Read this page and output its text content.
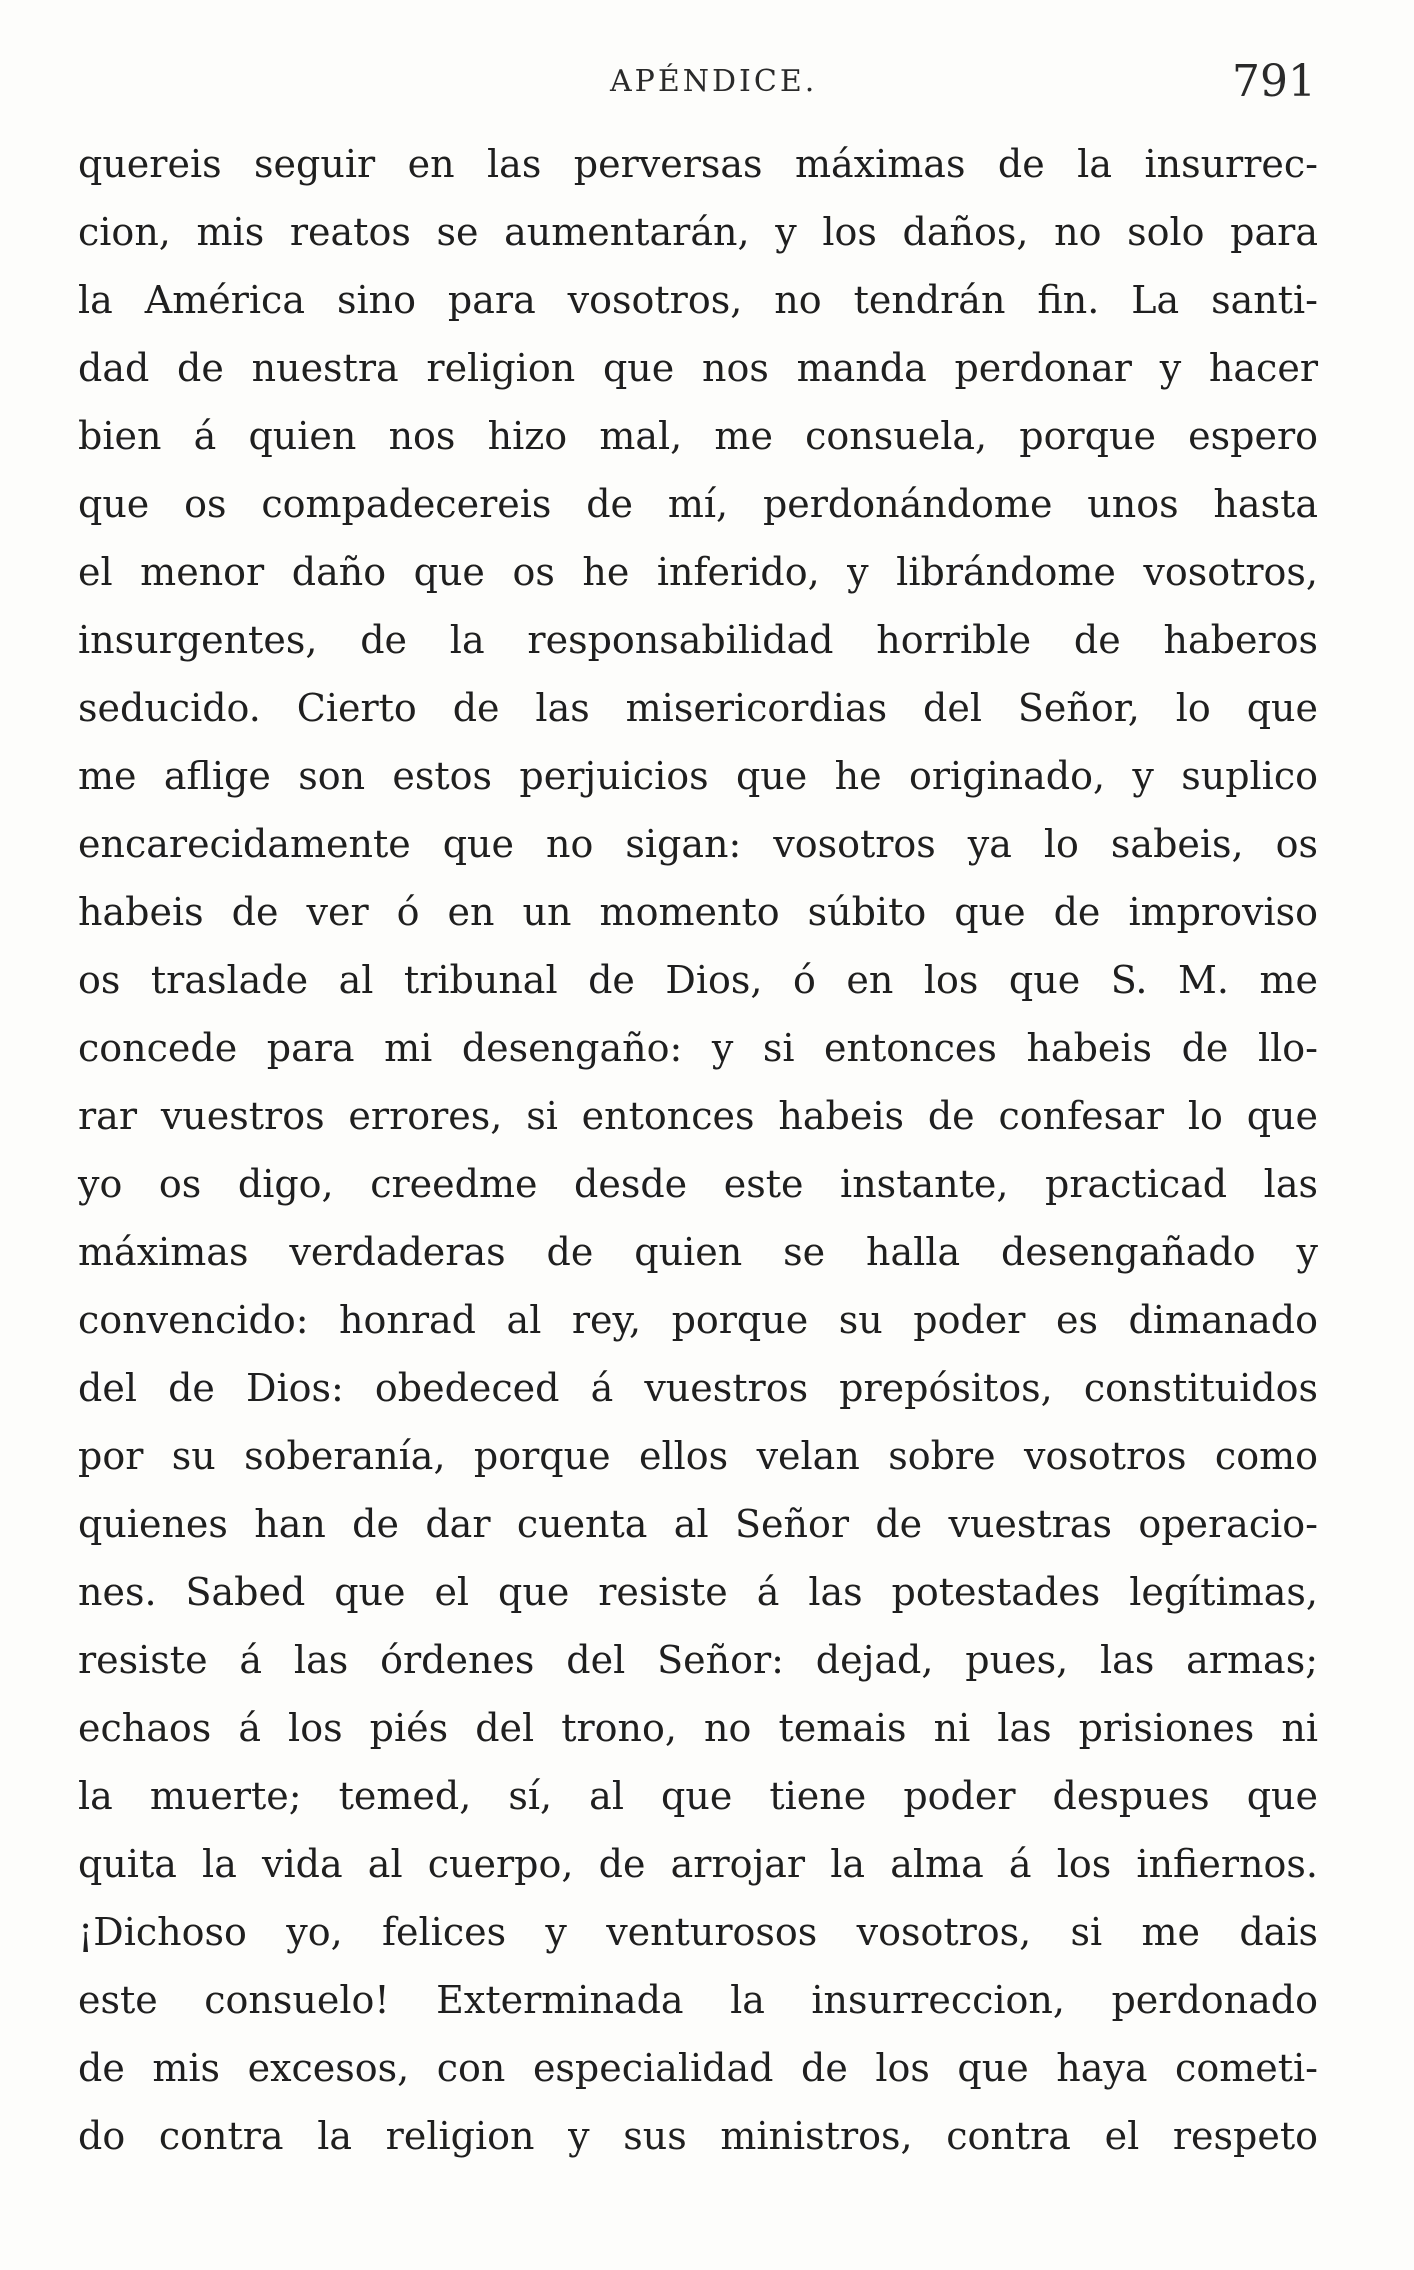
APÉNDICE.	791
quereis seguir en las perversas máximas de la insurrec-
cion, mis reatos se aumentarán, y los daños, no solo para
la América sino para vosotros, no tendrán fin. La santi-
dad de nuestra religion que nos manda perdonar y hacer
bien á quien nos hizo mal, me consuela, porque espero
que os compadecereis de mí, perdonándome unos hasta
el menor daño que os he inferido, y librándome vosotros,
insurgentes, de la responsabilidad horrible de haberos
seducido. Cierto de las misericordias del Señor, lo que
me aflige son estos perjuicios que he originado, y suplico
encarecidamente que no sigan: vosotros ya lo sabeis, os
habeis de ver ó en un momento súbito que de improviso
os traslade al tribunal de Dios, ó en los que S. M. me
concede para mi desengaño: y si entonces habeis de llo-
rar vuestros errores, si entonces habeis de confesar lo que
yo os digo, creedme desde este instante, practicad las
máximas verdaderas de quien se halla desengañado y
convencido: honrad al rey, porque su poder es dimanado
del de Dios: obedeced á vuestros prepósitos, constituidos
por su soberanía, porque ellos velan sobre vosotros como
quienes han de dar cuenta al Señor de vuestras operacio-
nes. Sabed que el que resiste á las potestades legítimas,
resiste á las órdenes del Señor: dejad, pues, las armas;
echaos á los piés del trono, no temais ni las prisiones ni
la muerte; temed, sí, al que tiene poder despues que
quita la vida al cuerpo, de arrojar la alma á los infiernos.
¡Dichoso yo, felices y venturosos vosotros, si me dais
este consuelo! Exterminada la insurreccion, perdonado
de mis excesos, con especialidad de los que haya cometi-
do contra la religion y sus ministros, contra el respeto
